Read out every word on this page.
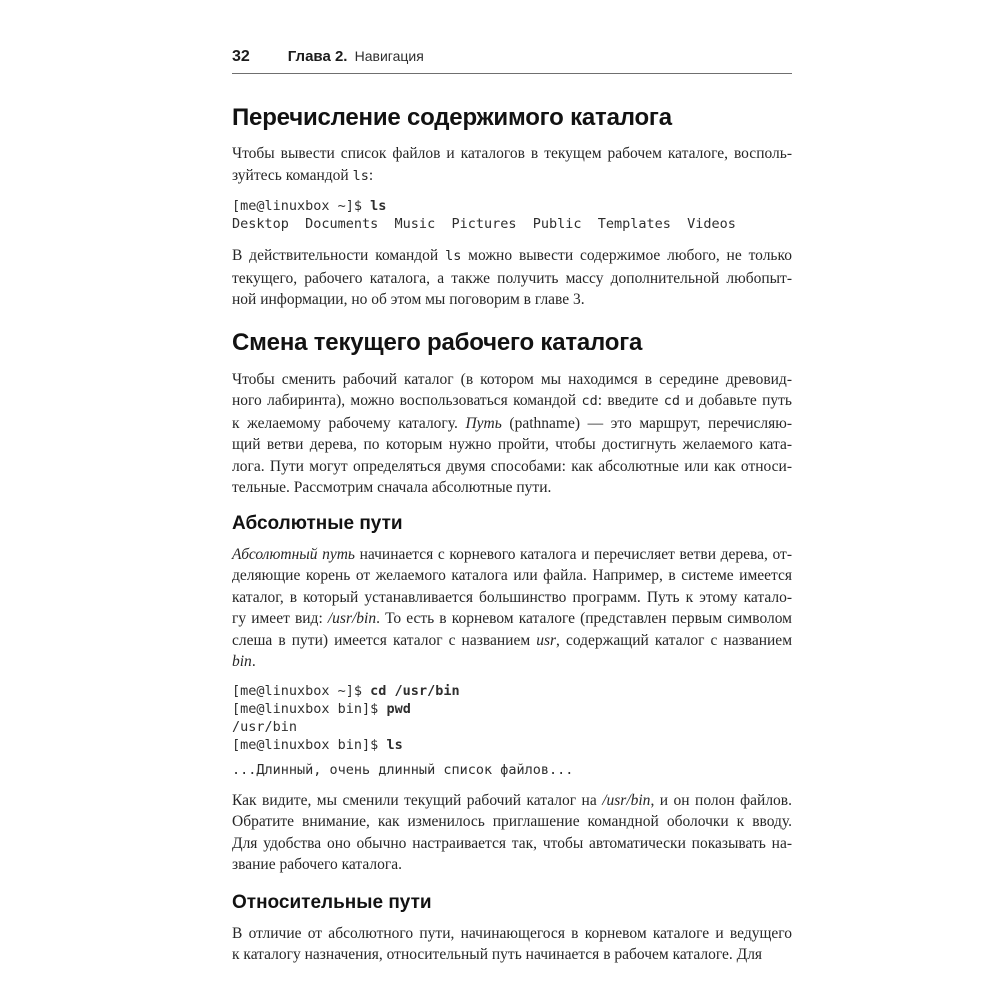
32	Глава 2. Навигация
Перечисление содержимого каталога
Чтобы вывести список файлов и каталогов в текущем рабочем каталоге, восполь-
зуйтесь командой ls:
[me@linuxbox ~]$ ls
Desktop  Documents  Music  Pictures  Public  Templates  Videos
В действительности командой ls можно вывести содержимое любого, не только
текущего, рабочего каталога, а также получить массу дополнительной любопыт-
ной информации, но об этом мы поговорим в главе 3.
Смена текущего рабочего каталога
Чтобы сменить рабочий каталог (в котором мы находимся в середине древовид-
ного лабиринта), можно воспользоваться командой cd: введите cd и добавьте путь
к желаемому рабочему каталогу. Путь (pathname) — это маршрут, перечисляю-
щий ветви дерева, по которым нужно пройти, чтобы достигнуть желаемого ката-
лога. Пути могут определяться двумя способами: как абсолютные или как относи-
тельные. Рассмотрим сначала абсолютные пути.
Абсолютные пути
Абсолютный путь начинается с корневого каталога и перечисляет ветви дерева, от-
деляющие корень от желаемого каталога или файла. Например, в системе имеется
каталог, в который устанавливается большинство программ. Путь к этому катало-
гу имеет вид: /usr/bin. То есть в корневом каталоге (представлен первым символом
слеша в пути) имеется каталог с названием usr, содержащий каталог с названием bin.
[me@linuxbox ~]$ cd /usr/bin
[me@linuxbox bin]$ pwd
/usr/bin
[me@linuxbox bin]$ ls
...Длинный, очень длинный список файлов...
Как видите, мы сменили текущий рабочий каталог на /usr/bin, и он полон файлов.
Обратите внимание, как изменилось приглашение командной оболочки к вводу.
Для удобства оно обычно настраивается так, чтобы автоматически показывать на-
звание рабочего каталога.
Относительные пути
В отличие от абсолютного пути, начинающегося в корневом каталоге и ведущего
к каталогу назначения, относительный путь начинается в рабочем каталоге. Для
